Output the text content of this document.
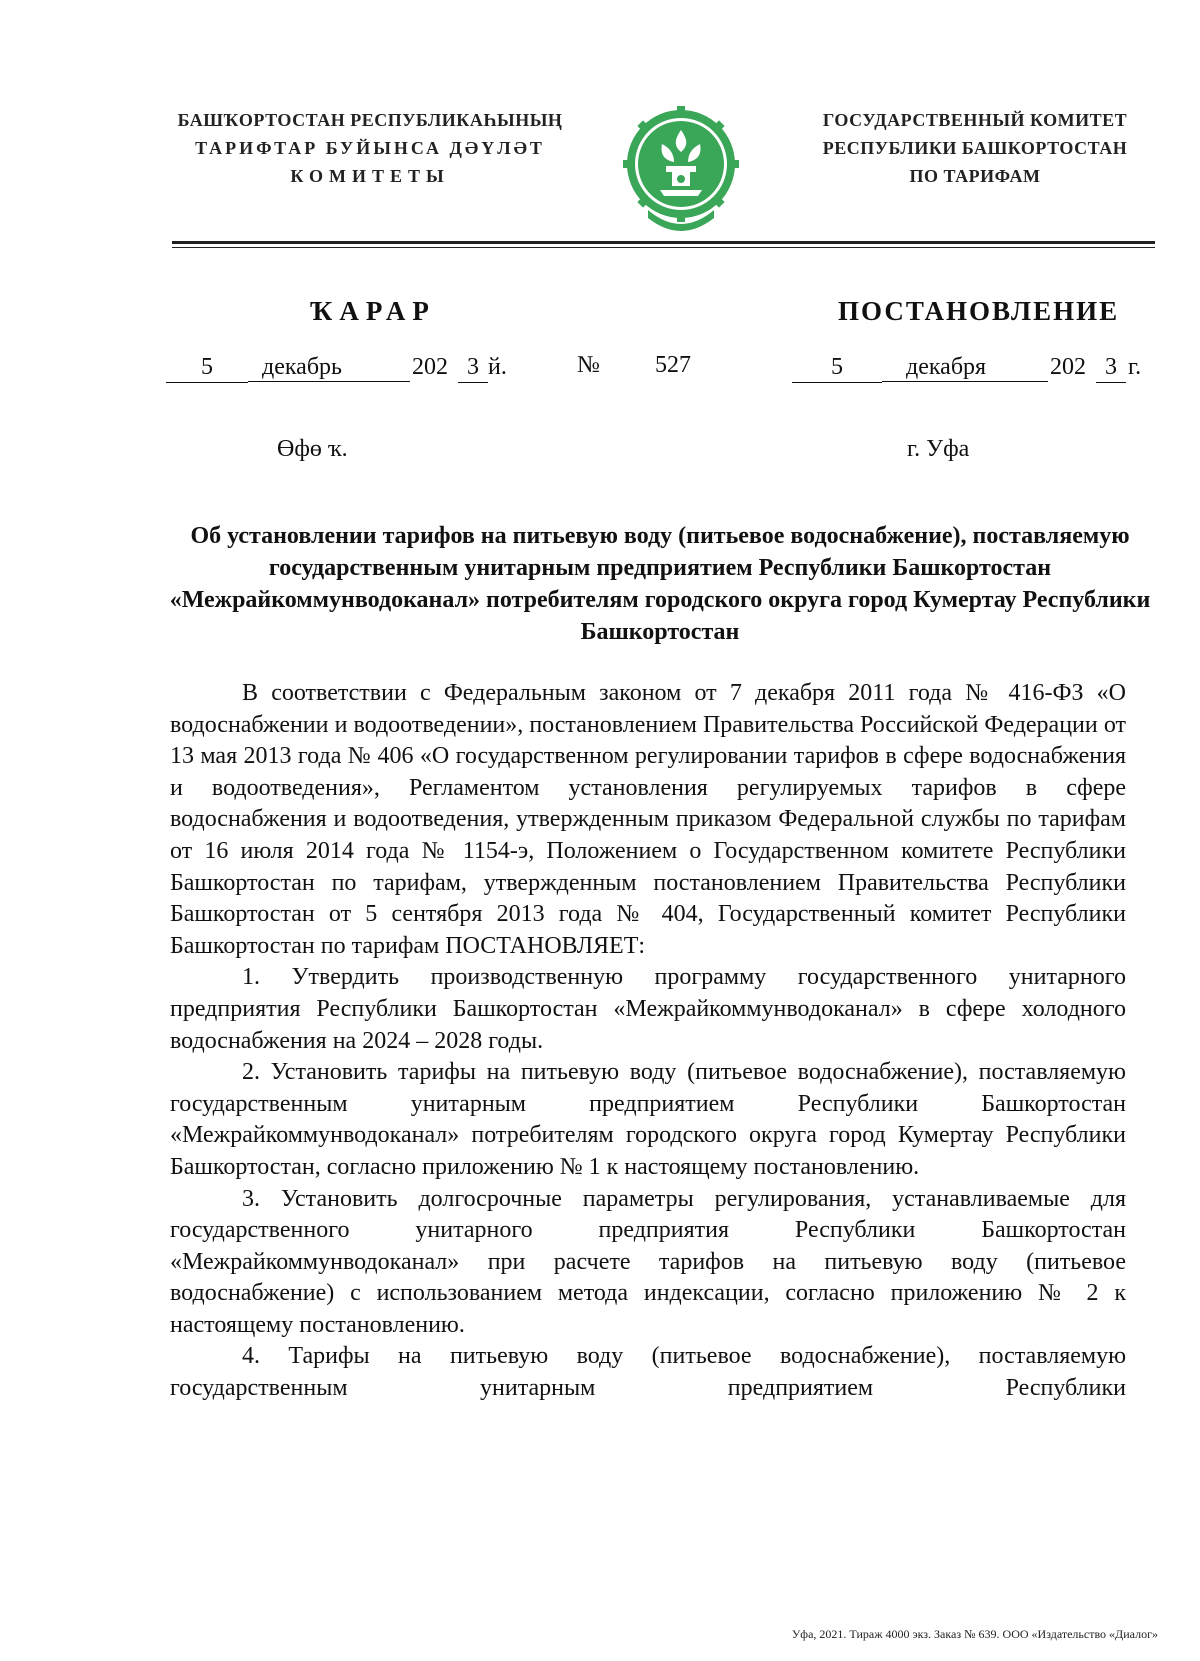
БАШҠОРТОСТАН РЕСПУБЛИКАҺЫНЫҢ
ТАРИФТАР БУЙЫНСА ДӘҮЛӘТ
КОМИТЕТЫ
ГОСУДАРСТВЕННЫЙ КОМИТЕТ
РЕСПУБЛИКИ БАШКОРТОСТАН
ПО ТАРИФАМ
ҠАРАР	ПОСТАНОВЛЕНИЕ
5	декабрь	202 3 й.	№ 527	5	декабря	202 3 г.
Өфө ҡ.	г. Уфа
Об установлении тарифов на питьевую воду (питьевое водоснабжение), поставляемую государственным унитарным предприятием Республики Башкортостан «Межрайкоммунводоканал» потребителям городского округа город Кумертау Республики Башкортостан

В соответствии с Федеральным законом от 7 декабря 2011 года № 416-ФЗ «О водоснабжении и водоотведении», постановлением Правительства Российской Федерации от 13 мая 2013 года № 406 «О государственном регулировании тарифов в сфере водоснабжения и водоотведения», Регламентом установления регулируемых тарифов в сфере водоснабжения и водоотведения, утвержденным приказом Федеральной службы по тарифам от 16 июля 2014 года № 1154-э, Положением о Государственном комитете Республики Башкортостан по тарифам, утвержденным постановлением Правительства Республики Башкортостан от 5 сентября 2013 года № 404, Государственный комитет Республики Башкортостан по тарифам ПОСТАНОВЛЯЕТ:

1. Утвердить производственную программу государственного унитарного предприятия Республики Башкортостан «Межрайкоммунводоканал» в сфере холодного водоснабжения на 2024 – 2028 годы.

2. Установить тарифы на питьевую воду (питьевое водоснабжение), поставляемую государственным унитарным предприятием Республики Башкортостан «Межрайкоммунводоканал» потребителям городского округа город Кумертау Республики Башкортостан, согласно приложению № 1 к настоящему постановлению.

3. Установить долгосрочные параметры регулирования, устанавливаемые для государственного унитарного предприятия Республики Башкортостан «Межрайкоммунводоканал» при расчете тарифов на питьевую воду (питьевое водоснабжение) с использованием метода индексации, согласно приложению № 2 к настоящему постановлению.

4. Тарифы на питьевую воду (питьевое водоснабжение), поставляемую государственным унитарным предприятием Республики

Уфа, 2021. Тираж 4000 экз. Заказ № 639. ООО «Издательство «Диалог»
